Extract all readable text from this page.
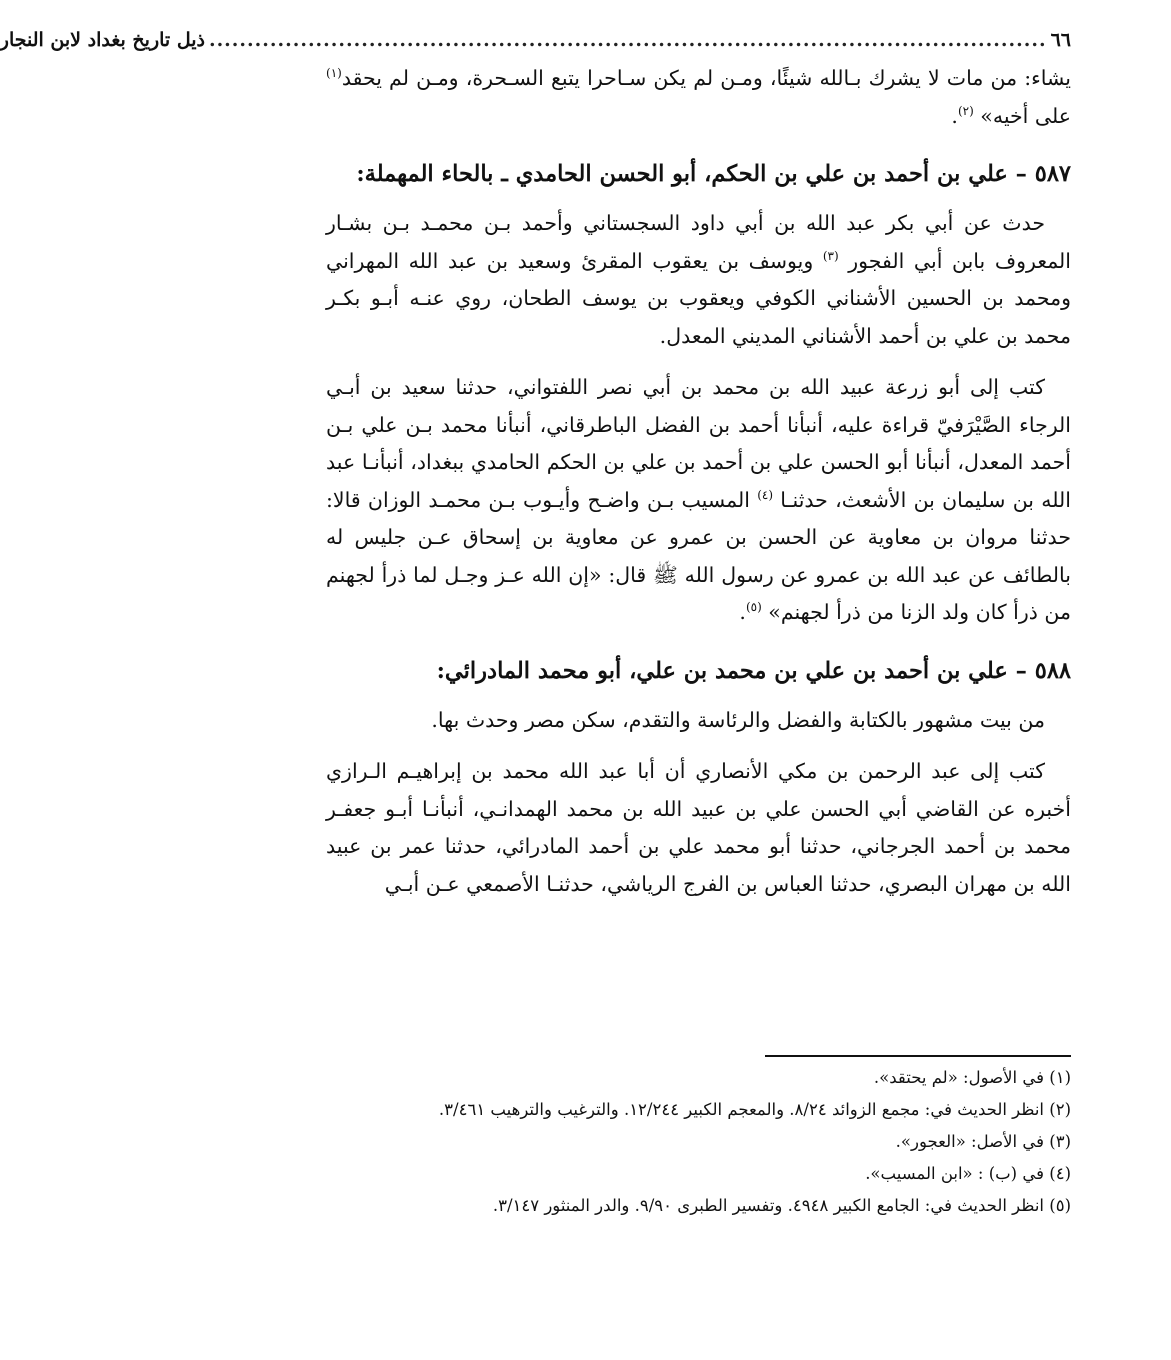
٦٦
..............................................................................................................
ذيل تاريخ بغداد لابن النجار

يشاء: من مات لا يشرك بـالله شيئًا، ومـن لم يكن سـاحرا يتبع السـحرة، ومـن لم يحقد$^{(١)}$ على أخيه» $^{(٢)}$.

٥٨٧ – علي بن أحمد بن علي بن الحكم، أبو الحسن الحامدي ـ بالحاء المهملة:

حدث عن أبي بكر عبد الله بن أبي داود السجستاني وأحمد بـن محمـد بـن بشـار المعروف بابن أبي الفجور $^{(٣)}$ ويوسف بن يعقوب المقرئ وسعيد بن عبد الله المهراني ومحمد بن الحسين الأشناني الكوفي ويعقوب بن يوسف الطحان، روي عنـه أبـو بكـر محمد بن علي بن أحمد الأشناني المديني المعدل.

كتب إلى أبو زرعة عبيد الله بن محمد بن أبي نصر اللفتواني، حدثنا سعيد بن أبـي الرجاء الصَّيْرَفيّ قراءة عليه، أنبأنا أحمد بن الفضل الباطرقاني، أنبأنا محمد بـن علي بـن أحمد المعدل، أنبأنا أبو الحسن علي بن أحمد بن علي بن الحكم الحامدي ببغداد، أنبأنـا عبد الله بن سليمان بن الأشعث، حدثنـا $^{(٤)}$ المسيب بـن واضـح وأيـوب بـن محمـد الوزان قالا: حدثنا مروان بن معاوية عن الحسن بن عمرو عن معاوية بن إسحاق عـن جليس له بالطائف عن عبد الله بن عمرو عن رسول الله ﷺ قال: «إن الله عـز وجـل لما ذرأ لجهنم من ذرأ كان ولد الزنا من ذرأ لجهنم» $^{(٥)}$.

٥٨٨ – علي بن أحمد بن علي بن محمد بن علي، أبو محمد المادرائي:

من بيت مشهور بالكتابة والفضل والرئاسة والتقدم، سكن مصر وحدث بها.

كتب إلى عبد الرحمن بن مكي الأنصاري أن أبا عبد الله محمد بن إبراهيـم الـرازي أخبره عن القاضي أبي الحسن علي بن عبيد الله بن محمد الهمدانـي، أنبأنـا أبـو جعفـر محمد بن أحمد الجرجاني، حدثنا أبو محمد علي بن أحمد المادرائي، حدثنا عمر بن عبيد الله بن مهران البصري، حدثنا العباس بن الفرج الرياشي، حدثنـا الأصمعي عـن أبـي

(١) في الأصول: «لم يحتقد».

(٢) انظر الحديث في: مجمع الزوائد ٨/٢٤. والمعجم الكبير ١٢/٢٤٤. والترغيب والترهيب ٣/٤٦١.

(٣) في الأصل: «العجور».

(٤) في (ب) : «ابن المسيب».

(٥) انظر الحديث في: الجامع الكبير ٤٩٤٨. وتفسير الطبرى ٩/٩٠. والدر المنثور ٣/١٤٧.
